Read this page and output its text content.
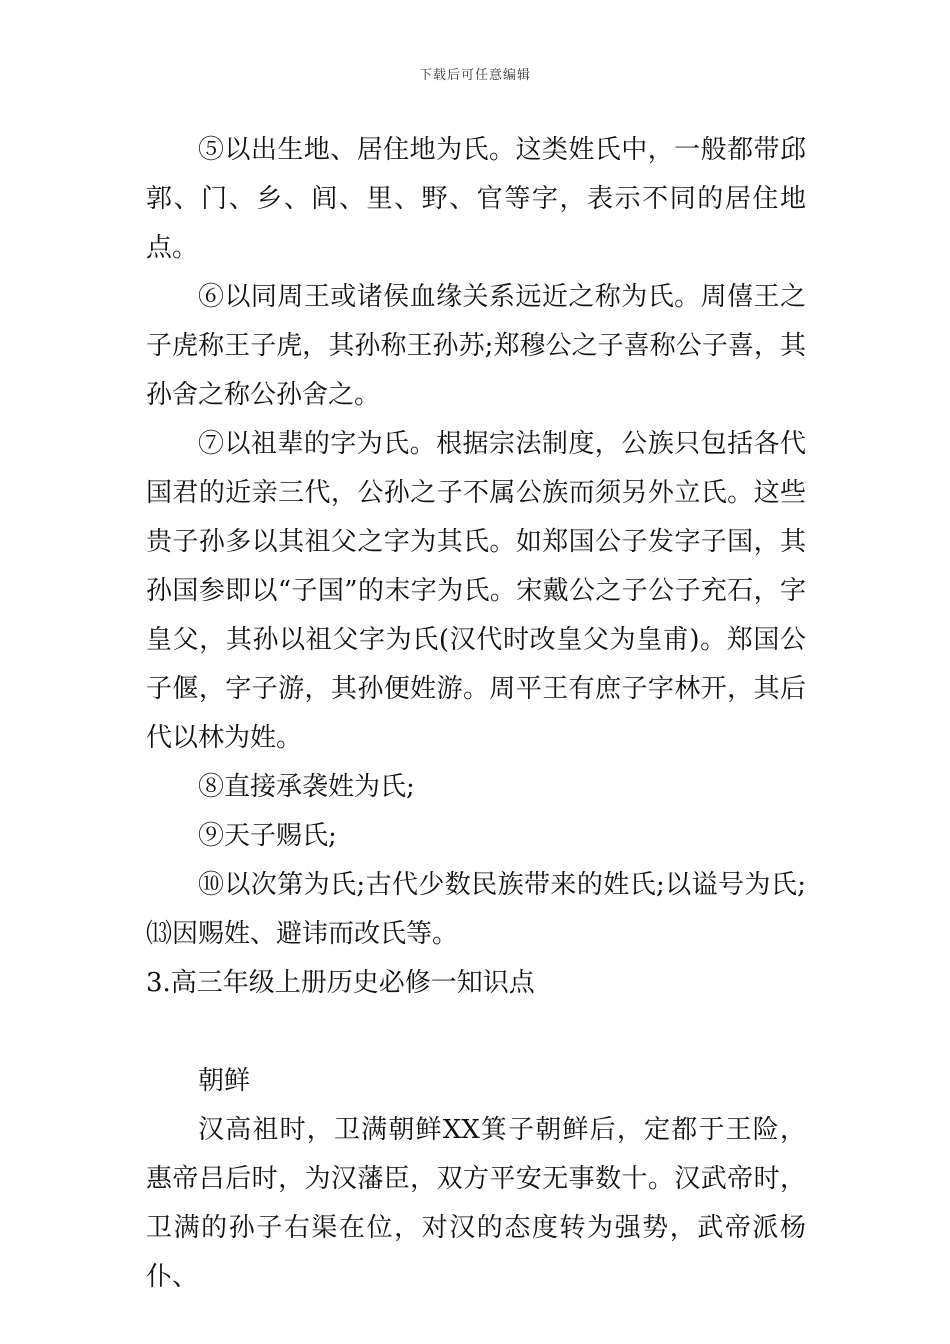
下载后可任意编辑

⑤以出生地、居住地为氏。这类姓氏中，一般都带邱郭、门、乡、闾、里、野、官等字，表示不同的居住地点。

⑥以同周王或诸侯血缘关系远近之称为氏。周僖王之子虎称王子虎，其孙称王孙苏;郑穆公之子喜称公子喜，其孙舍之称公孙舍之。

⑦以祖辈的字为氏。根据宗法制度，公族只包括各代国君的近亲三代，公孙之子不属公族而须另外立氏。这些贵子孙多以其祖父之字为其氏。如郑国公子发字子国，其孙国参即以“子国”的末字为氏。宋戴公之子公子充石，字皇父，其孙以祖父字为氏(汉代时改皇父为皇甫)。郑国公子偃，字子游，其孙便姓游。周平王有庶子字林开，其后代以林为姓。

⑧直接承袭姓为氏;

⑨天子赐氏;

⑩以次第为氏;古代少数民族带来的姓氏;以谥号为氏;⒀因赐姓、避讳而改氏等。

3.高三年级上册历史必修一知识点

朝鲜

汉高祖时，卫满朝鲜XX箕子朝鲜后，定都于王险，惠帝吕后时，为汉藩臣，双方平安无事数十。汉武帝时，卫满的孙子右渠在位，对汉的态度转为强势，武帝派杨仆、
